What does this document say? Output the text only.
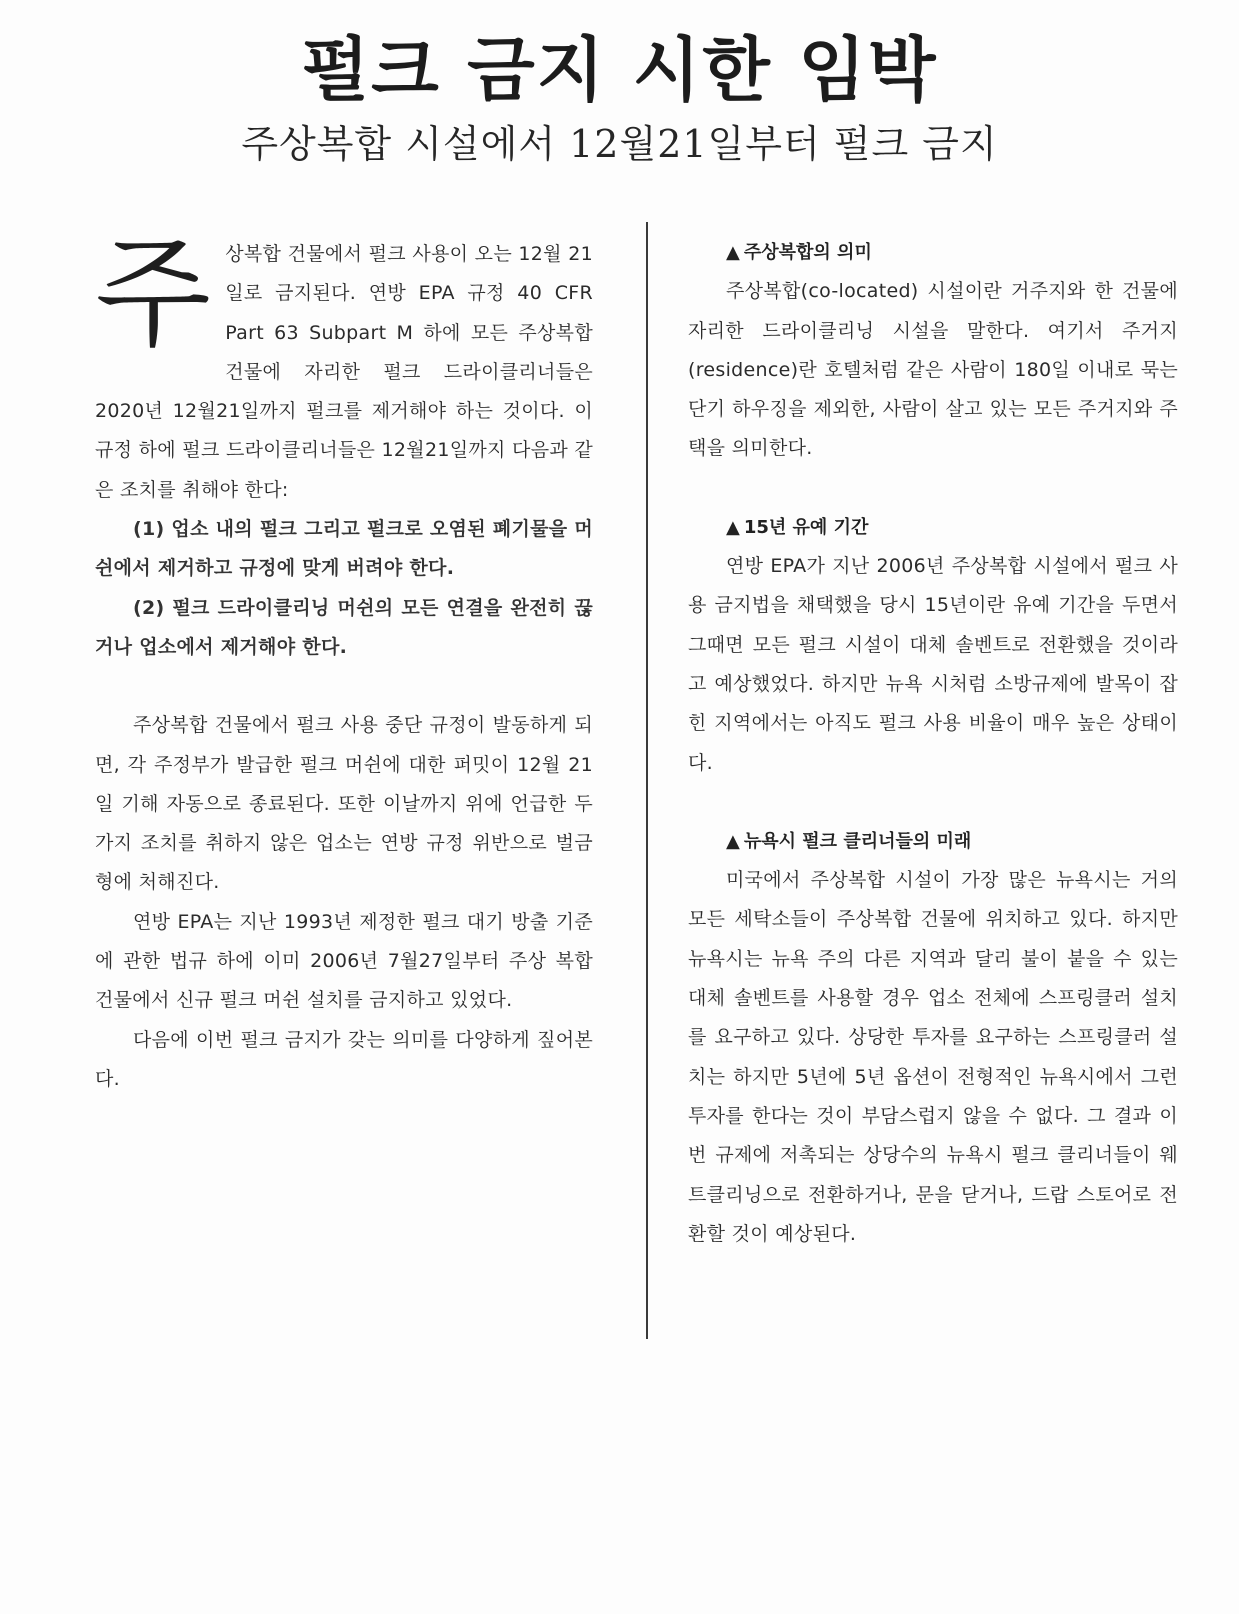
펄크 금지 시한 임박
주상복합 시설에서 12월21일부터 펄크 금지

주상복합 건물에서 펄크 사용이 오는 12월 21일로 금지된다. 연방 EPA 규정 40 CFR Part 63 Subpart M 하에 모든 주상복합 건물에 자리한 펄크 드라이클리너들은 2020년 12월21일까지 펄크를 제거해야 하는 것이다. 이 규정 하에 펄크 드라이클리너들은 12월21일까지 다음과 같은 조치를 취해야 한다:

(1) 업소 내의 펄크 그리고 펄크로 오염된 폐기물을 머쉰에서 제거하고 규정에 맞게 버려야 한다.

(2) 펄크 드라이클리닝 머쉰의 모든 연결을 완전히 끊거나 업소에서 제거해야 한다.

주상복합 건물에서 펄크 사용 중단 규정이 발동하게 되면, 각 주정부가 발급한 펄크 머쉰에 대한 퍼밋이 12월 21일 기해 자동으로 종료된다. 또한 이날까지 위에 언급한 두 가지 조치를 취하지 않은 업소는 연방 규정 위반으로 벌금형에 처해진다.

연방 EPA는 지난 1993년 제정한 펄크 대기 방출 기준에 관한 법규 하에 이미 2006년 7월27일부터 주상 복합 건물에서 신규 펄크 머쉰 설치를 금지하고 있었다.

다음에 이번 펄크 금지가 갖는 의미를 다양하게 짚어본다.

▲ 주상복합의 의미

주상복합(co-located) 시설이란 거주지와 한 건물에 자리한 드라이클리닝 시설을 말한다. 여기서 주거지(residence)란 호텔처럼 같은 사람이 180일 이내로 묵는 단기 하우징을 제외한, 사람이 살고 있는 모든 주거지와 주택을 의미한다.

▲ 15년 유예 기간

연방 EPA가 지난 2006년 주상복합 시설에서 펄크 사용 금지법을 채택했을 당시 15년이란 유예 기간을 두면서 그때면 모든 펄크 시설이 대체 솔벤트로 전환했을 것이라고 예상했었다. 하지만 뉴욕 시처럼 소방규제에 발목이 잡힌 지역에서는 아직도 펄크 사용 비율이 매우 높은 상태이다.

▲ 뉴욕시 펄크 클리너들의 미래

미국에서 주상복합 시설이 가장 많은 뉴욕시는 거의 모든 세탁소들이 주상복합 건물에 위치하고 있다. 하지만 뉴욕시는 뉴욕 주의 다른 지역과 달리 불이 붙을 수 있는 대체 솔벤트를 사용할 경우 업소 전체에 스프링클러 설치를 요구하고 있다. 상당한 투자를 요구하는 스프링클러 설치는 하지만 5년에 5년 옵션이 전형적인 뉴욕시에서 그런 투자를 한다는 것이 부담스럽지 않을 수 없다. 그 결과 이번 규제에 저촉되는 상당수의 뉴욕시 펄크 클리너들이 웨트클리닝으로 전환하거나, 문을 닫거나, 드랍 스토어로 전환할 것이 예상된다.
